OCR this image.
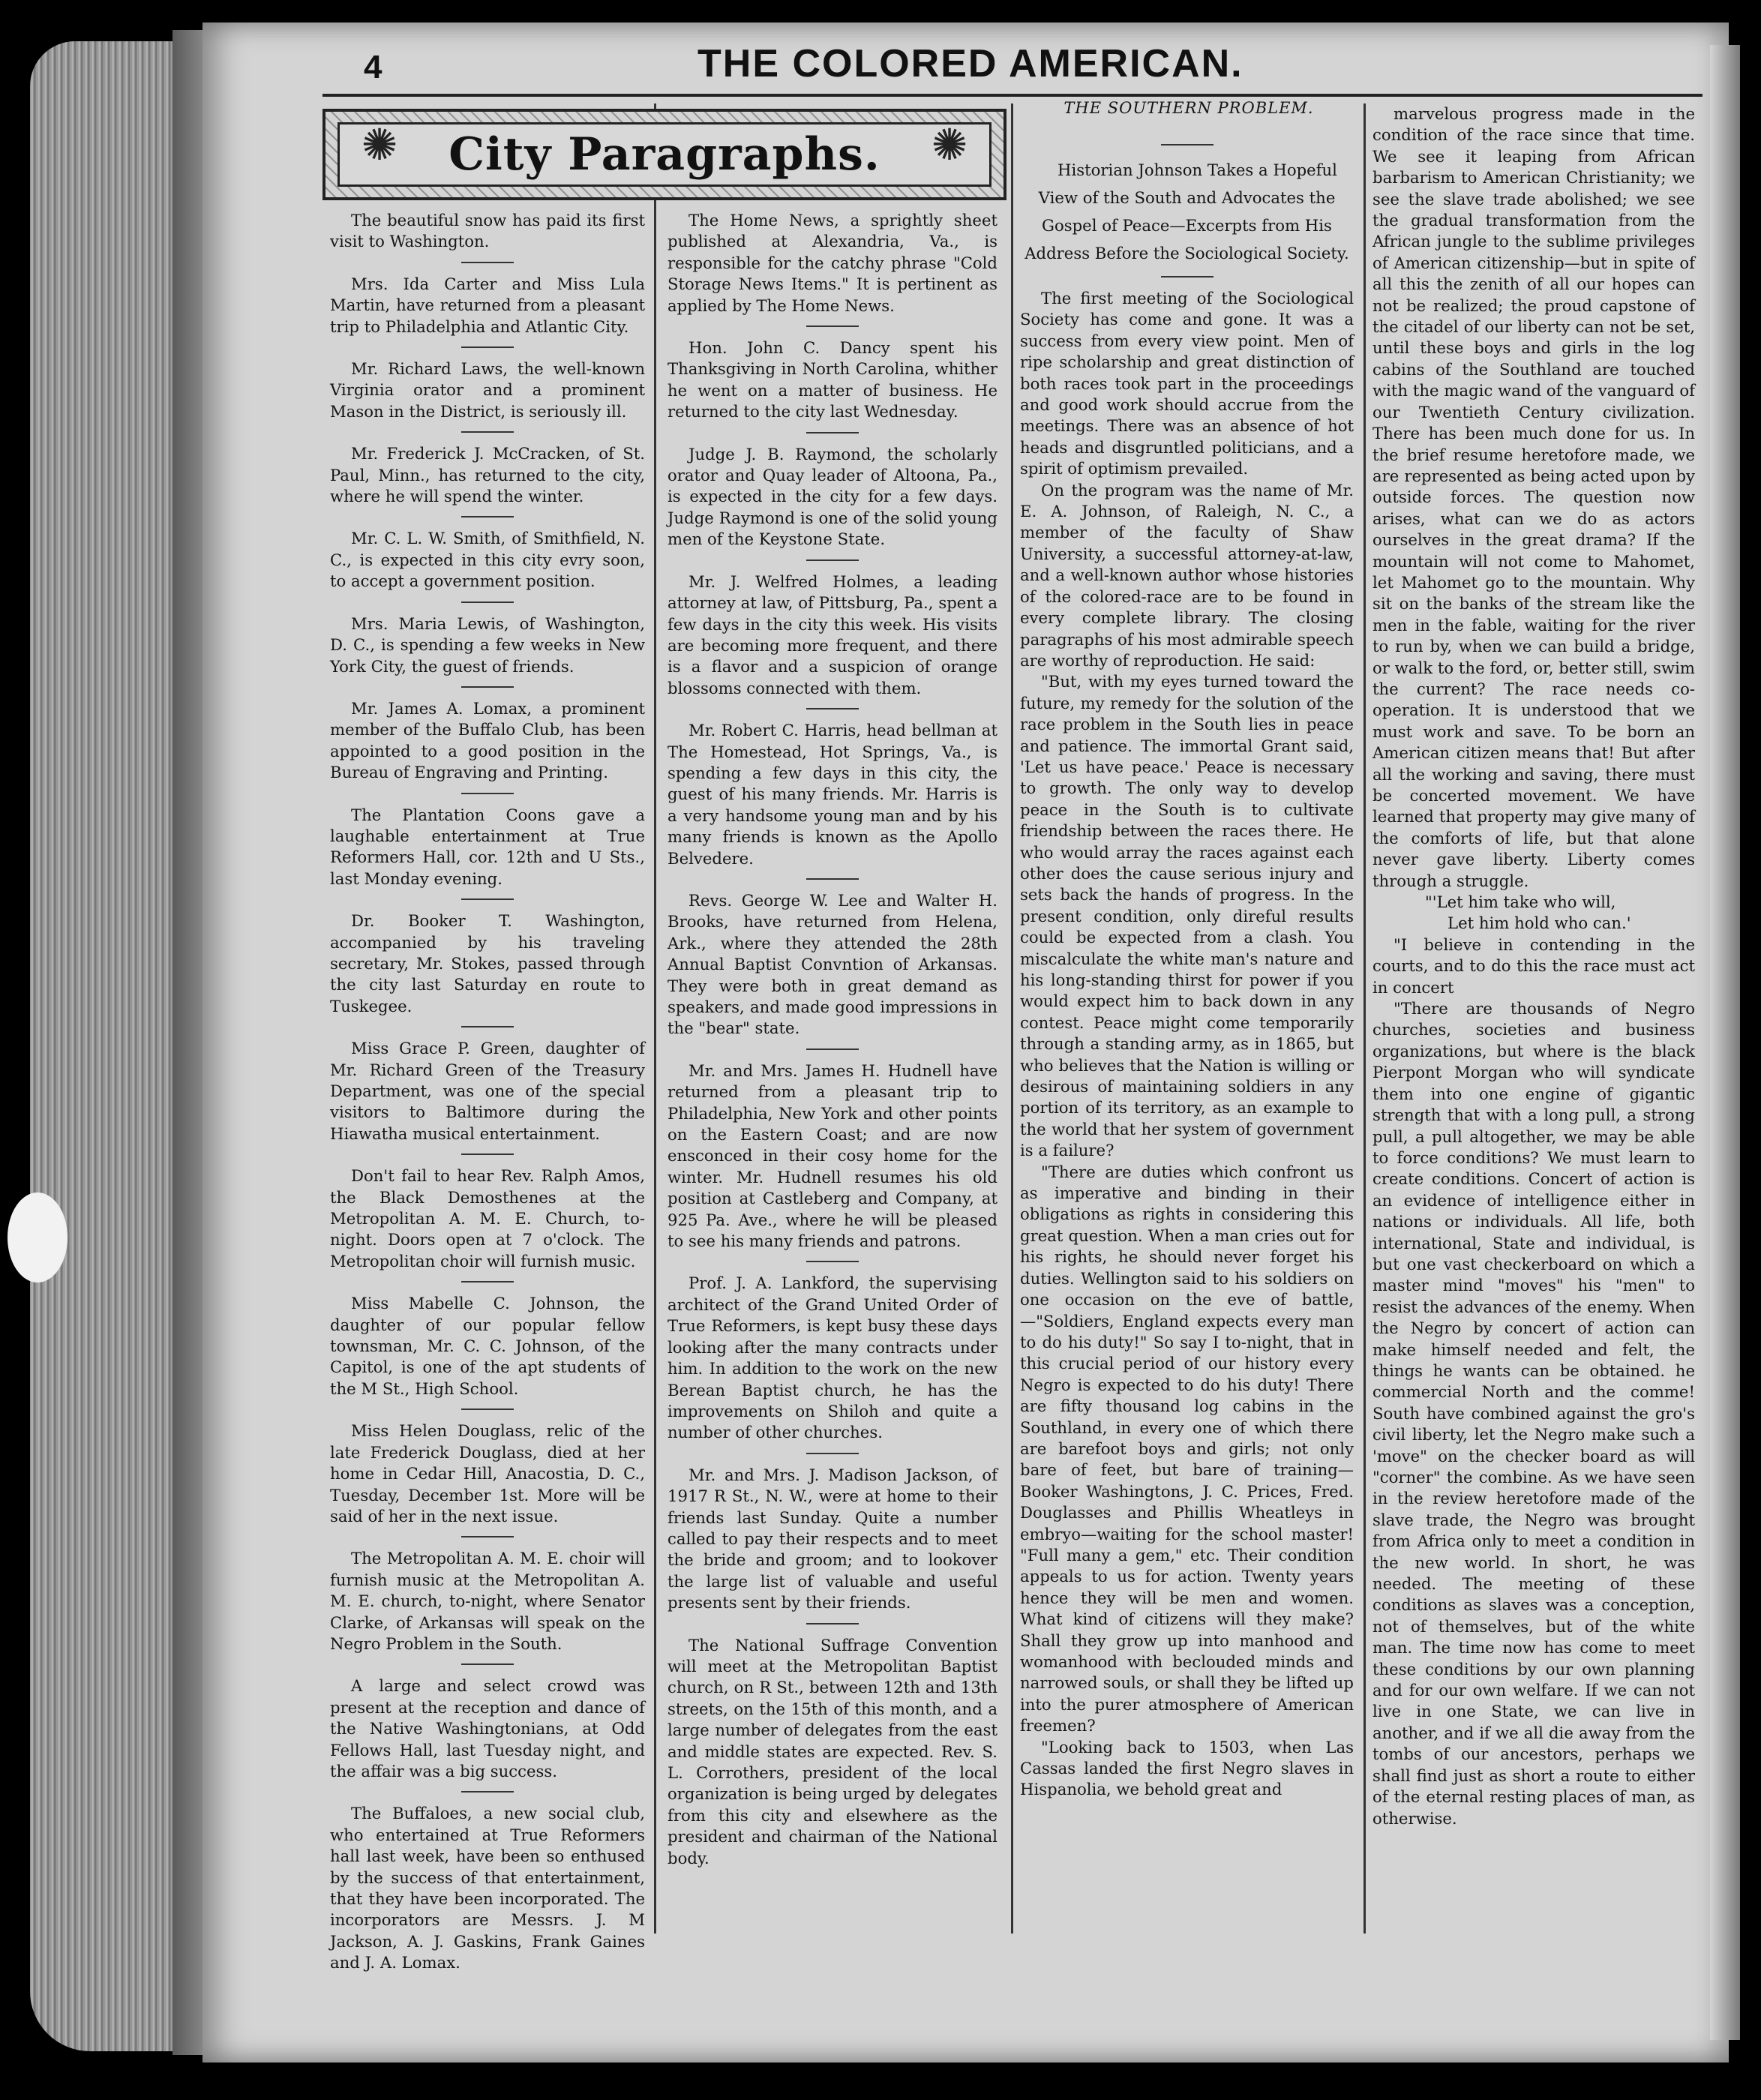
4	THE COLORED AMERICAN.
City Paragraphs.
✺	✺

The beautiful snow has paid its first visit to Washington.

Mrs. Ida Carter and Miss Lula Martin, have returned from a pleasant trip to Philadelphia and Atlantic City.

Mr. Richard Laws, the well-known Virginia orator and a prominent Mason in the District, is seriously ill.

Mr. Frederick J. McCracken, of St. Paul, Minn., has returned to the city, where he will spend the winter.

Mr. C. L. W. Smith, of Smithfield, N. C., is expected in this city evry soon, to accept a government position.

Mrs. Maria Lewis, of Washington, D. C., is spending a few weeks in New York City, the guest of friends.

Mr. James A. Lomax, a prominent member of the Buffalo Club, has been appointed to a good position in the Bureau of Engraving and Printing.

The Plantation Coons gave a laughable entertainment at True Reformers Hall, cor. 12th and U Sts., last Monday evening.

Dr. Booker T. Washington, accompanied by his traveling secretary, Mr. Stokes, passed through the city last Saturday en route to Tuskegee.

Miss Grace P. Green, daughter of Mr. Richard Green of the Treasury Department, was one of the special visitors to Baltimore during the Hiawatha musical entertainment.

Don't fail to hear Rev. Ralph Amos, the Black Demosthenes at the Metropolitan A. M. E. Church, to-night. Doors open at 7 o'clock. The Metropolitan choir will furnish music.

Miss Mabelle C. Johnson, the daughter of our popular fellow townsman, Mr. C. C. Johnson, of the Capitol, is one of the apt students of the M St., High School.

Miss Helen Douglass, relic of the late Frederick Douglass, died at her home in Cedar Hill, Anacostia, D. C., Tuesday, December 1st. More will be said of her in the next issue.

The Metropolitan A. M. E. choir will furnish music at the Metropolitan A. M. E. church, to-night, where Senator Clarke, of Arkansas will speak on the Negro Problem in the South.

A large and select crowd was present at the reception and dance of the Native Washingtonians, at Odd Fellows Hall, last Tuesday night, and the affair was a big success.

The Buffaloes, a new social club, who entertained at True Reformers hall last week, have been so enthused by the success of that entertainment, that they have been incorporated. The incorporators are Messrs. J. M Jackson, A. J. Gaskins, Frank Gaines and J. A. Lomax.

The Home News, a sprightly sheet published at Alexandria, Va., is responsible for the catchy phrase "Cold Storage News Items." It is pertinent as applied by The Home News.

Hon. John C. Dancy spent his Thanksgiving in North Carolina, whither he went on a matter of business. He returned to the city last Wednesday.

Judge J. B. Raymond, the scholarly orator and Quay leader of Altoona, Pa., is expected in the city for a few days. Judge Raymond is one of the solid young men of the Keystone State.

Mr. J. Welfred Holmes, a leading attorney at law, of Pittsburg, Pa., spent a few days in the city this week. His visits are becoming more frequent, and there is a flavor and a suspicion of orange blossoms connected with them.

Mr. Robert C. Harris, head bellman at The Homestead, Hot Springs, Va., is spending a few days in this city, the guest of his many friends. Mr. Harris is a very handsome young man and by his many friends is known as the Apollo Belvedere.

Revs. George W. Lee and Walter H. Brooks, have returned from Helena, Ark., where they attended the 28th Annual Baptist Convntion of Arkansas. They were both in great demand as speakers, and made good impressions in the "bear" state.

Mr. and Mrs. James H. Hudnell have returned from a pleasant trip to Philadelphia, New York and other points on the Eastern Coast; and are now ensconced in their cosy home for the winter. Mr. Hudnell resumes his old position at Castleberg and Company, at 925 Pa. Ave., where he will be pleased to see his many friends and patrons.

Prof. J. A. Lankford, the supervising architect of the Grand United Order of True Reformers, is kept busy these days looking after the many contracts under him. In addition to the work on the new Berean Baptist church, he has the improvements on Shiloh and quite a number of other churches.

Mr. and Mrs. J. Madison Jackson, of 1917 R St., N. W., were at home to their friends last Sunday. Quite a number called to pay their respects and to meet the bride and groom; and to lookover the large list of valuable and useful presents sent by their friends.

The National Suffrage Convention will meet at the Metropolitan Baptist church, on R St., between 12th and 13th streets, on the 15th of this month, and a large number of delegates from the east and middle states are expected. Rev. S. L. Corrothers, president of the local organization is being urged by delegates from this city and elsewhere as the president and chairman of the National body.

THE SOUTHERN PROBLEM.

Historian Johnson Takes a Hopeful View of the South and Advocates the Gospel of Peace—Excerpts from His Address Before the Sociological Society.

The first meeting of the Sociological Society has come and gone. It was a success from every view point. Men of ripe scholarship and great distinction of both races took part in the proceedings and good work should accrue from the meetings. There was an absence of hot heads and disgruntled politicians, and a spirit of optimism prevailed.

On the program was the name of Mr. E. A. Johnson, of Raleigh, N. C., a member of the faculty of Shaw University, a successful attorney-at-law, and a well-known author whose histories of the colored-race are to be found in every complete library. The closing paragraphs of his most admirable speech are worthy of reproduction. He said:

"But, with my eyes turned toward the future, my remedy for the solution of the race problem in the South lies in peace and patience. The immortal Grant said, 'Let us have peace.' Peace is necessary to growth. The only way to develop peace in the South is to cultivate friendship between the races there. He who would array the races against each other does the cause serious injury and sets back the hands of progress. In the present condition, only direful results could be expected from a clash. You miscalculate the white man's nature and his long-standing thirst for power if you would expect him to back down in any contest. Peace might come temporarily through a standing army, as in 1865, but who believes that the Nation is willing or desirous of maintaining soldiers in any portion of its territory, as an example to the world that her system of government is a failure?

"There are duties which confront us as imperative and binding in their obligations as rights in considering this great question. When a man cries out for his rights, he should never forget his duties. Wellington said to his soldiers on one occasion on the eve of battle,—"Soldiers, England expects every man to do his duty!" So say I to-night, that in this crucial period of our history every Negro is expected to do his duty! There are fifty thousand log cabins in the Southland, in every one of which there are barefoot boys and girls; not only bare of feet, but bare of training—Booker Washingtons, J. C. Prices, Fred. Douglasses and Phillis Wheatleys in embryo—waiting for the school master! "Full many a gem," etc. Their condition appeals to us for action. Twenty years hence they will be men and women. What kind of citizens will they make? Shall they grow up into manhood and womanhood with beclouded minds and narrowed souls, or shall they be lifted up into the purer atmosphere of American freemen?

"Looking back to 1503, when Las Cassas landed the first Negro slaves in Hispanolia, we behold great and

marvelous progress made in the condition of the race since that time. We see it leaping from African barbarism to American Christianity; we see the slave trade abolished; we see the gradual transformation from the African jungle to the sublime privileges of American citizenship—but in spite of all this the zenith of all our hopes can not be realized; the proud capstone of the citadel of our liberty can not be set, until these boys and girls in the log cabins of the Southland are touched with the magic wand of the vanguard of our Twentieth Century civilization. There has been much done for us. In the brief resume heretofore made, we are represented as being acted upon by outside forces. The question now arises, what can we do as actors ourselves in the great drama? If the mountain will not come to Mahomet, let Mahomet go to the mountain. Why sit on the banks of the stream like the men in the fable, waiting for the river to run by, when we can build a bridge, or walk to the ford, or, better still, swim the current? The race needs co-operation. It is understood that we must work and save. To be born an American citizen means that! But after all the working and saving, there must be concerted movement. We have learned that property may give many of the comforts of life, but that alone never gave liberty. Liberty comes through a struggle.

"'Let him take who will,

Let him hold who can.'

"I believe in contending in the courts, and to do this the race must act in concert

"There are thousands of Negro churches, societies and business organizations, but where is the black Pierpont Morgan who will syndicate them into one engine of gigantic strength that with a long pull, a strong pull, a pull altogether, we may be able to force conditions? We must learn to create conditions. Concert of action is an evidence of intelligence either in nations or individuals. All life, both international, State and individual, is but one vast checkerboard on which a master mind "moves" his "men" to resist the advances of the enemy. When the Negro by concert of action can make himself needed and felt, the things he wants can be obtained. he commercial North and the comme! South have combined against the gro's civil liberty, let the Negro make such a 'move" on the checker board as will "corner" the combine. As we have seen in the review heretofore made of the slave trade, the Negro was brought from Africa only to meet a condition in the new world. In short, he was needed. The meeting of these conditions as slaves was a conception, not of themselves, but of the white man. The time now has come to meet these conditions by our own planning and for our own welfare. If we can not live in one State, we can live in another, and if we all die away from the tombs of our ancestors, perhaps we shall find just as short a route to either of the eternal resting places of man, as otherwise.
